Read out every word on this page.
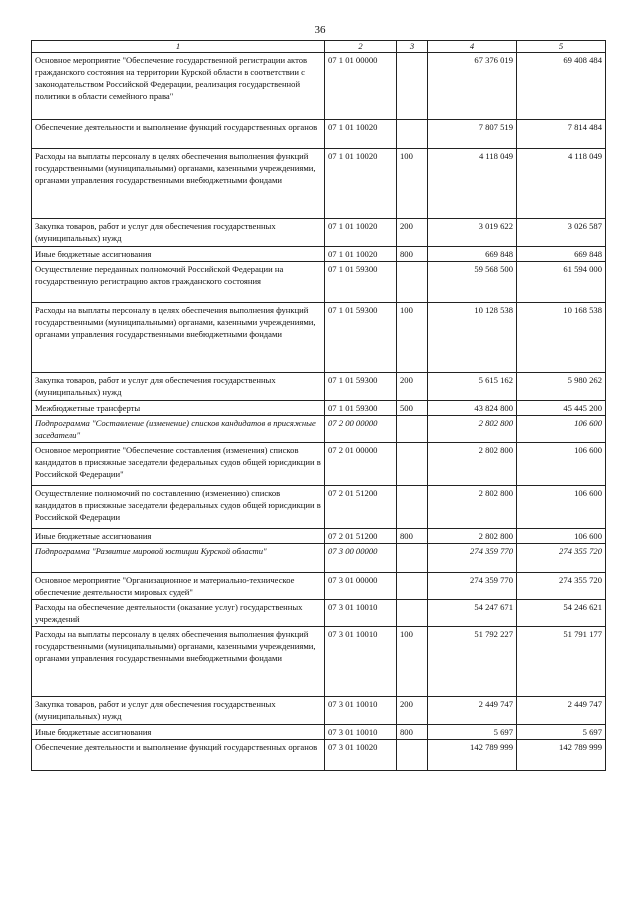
36
1	2	3	4	5
Основное мероприятие "Обеспечение государственной регистрации актов гражданского состояния на территории Курской области в соответствии с законодательством Российской Федерации, реализация государственной политики в области семейного права"	07 1 01 00000		67 376 019	69 408 484
Обеспечение деятельности и выполнение функций государственных органов	07 1 01 10020		7 807 519	7 814 484
Расходы на выплаты персоналу в целях обеспечения выполнения функций государственными (муниципальными) органами, казенными учреждениями, органами управления государственными внебюджетными фондами	07 1 01 10020	100	4 118 049	4 118 049
Закупка товаров, работ и услуг для обеспечения государственных (муниципальных) нужд	07 1 01 10020	200	3 019 622	3 026 587
Иные бюджетные ассигнования	07 1 01 10020	800	669 848	669 848
Осуществление переданных полномочий Российской Федерации на государственную регистрацию актов гражданского состояния	07 1 01 59300		59 568 500	61 594 000
Расходы на выплаты персоналу в целях обеспечения выполнения функций государственными (муниципальными) органами, казенными учреждениями, органами управления государственными внебюджетными фондами	07 1 01 59300	100	10 128 538	10 168 538
Закупка товаров, работ и услуг для обеспечения государственных (муниципальных) нужд	07 1 01 59300	200	5 615 162	5 980 262
Межбюджетные трансферты	07 1 01 59300	500	43 824 800	45 445 200
Подпрограмма "Составление (изменение) списков кандидатов в присяжные заседатели"	07 2 00 00000		2 802 800	106 600
Основное мероприятие "Обеспечение составления (изменения) списков кандидатов в присяжные заседатели федеральных судов общей юрисдикции в Российской Федерации"	07 2 01 00000		2 802 800	106 600
Осуществление полномочий по составлению (изменению) списков кандидатов в присяжные заседатели федеральных судов общей юрисдикции в Российской Федерации	07 2 01 51200		2 802 800	106 600
Иные бюджетные ассигнования	07 2 01 51200	800	2 802 800	106 600
Подпрограмма "Развитие мировой юстиции Курской области"	07 3 00 00000		274 359 770	274 355 720
Основное мероприятие "Организационное и материально-техническое обеспечение деятельности мировых судей"	07 3 01 00000		274 359 770	274 355 720
Расходы на обеспечение деятельности (оказание услуг) государственных учреждений	07 3 01 10010		54 247 671	54 246 621
Расходы на выплаты персоналу в целях обеспечения выполнения функций государственными (муниципальными) органами, казенными учреждениями, органами управления государственными внебюджетными фондами	07 3 01 10010	100	51 792 227	51 791 177
Закупка товаров, работ и услуг для обеспечения государственных (муниципальных) нужд	07 3 01 10010	200	2 449 747	2 449 747
Иные бюджетные ассигнования	07 3 01 10010	800	5 697	5 697
Обеспечение деятельности и выполнение функций государственных органов	07 3 01 10020		142 789 999	142 789 999
